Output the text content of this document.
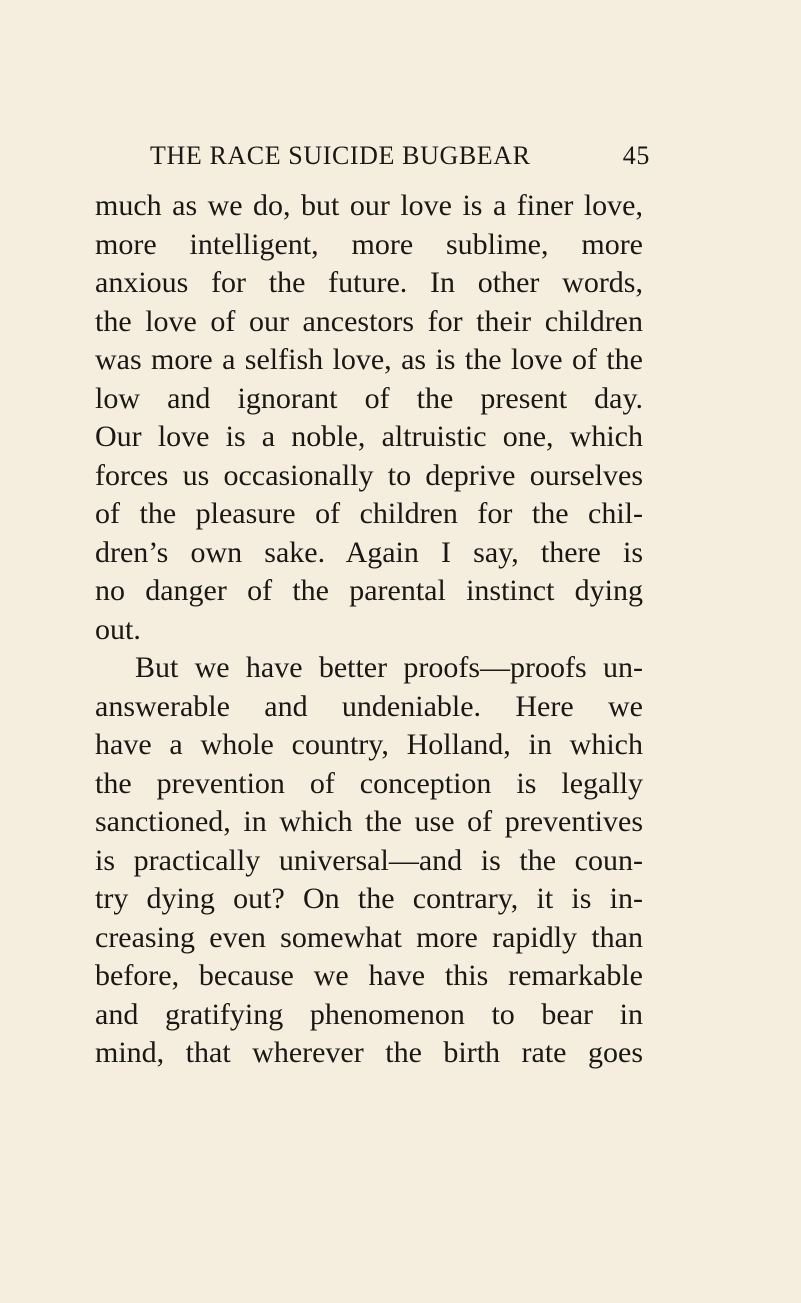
THE RACE SUICIDE BUGBEAR	45
much as we do, but our love is a finer love,
more intelligent, more sublime, more
anxious for the future. In other words,
the love of our ancestors for their children
was more a selfish love, as is the love of the
low and ignorant of the present day.
Our love is a noble, altruistic one, which
forces us occasionally to deprive ourselves
of the pleasure of children for the chil-
dren’s own sake. Again I say, there is
no danger of the parental instinct dying
out.
But we have better proofs—proofs un-
answerable and undeniable. Here we
have a whole country, Holland, in which
the prevention of conception is legally
sanctioned, in which the use of preventives
is practically universal—and is the coun-
try dying out? On the contrary, it is in-
creasing even somewhat more rapidly than
before, because we have this remarkable
and gratifying phenomenon to bear in
mind, that wherever the birth rate goes
